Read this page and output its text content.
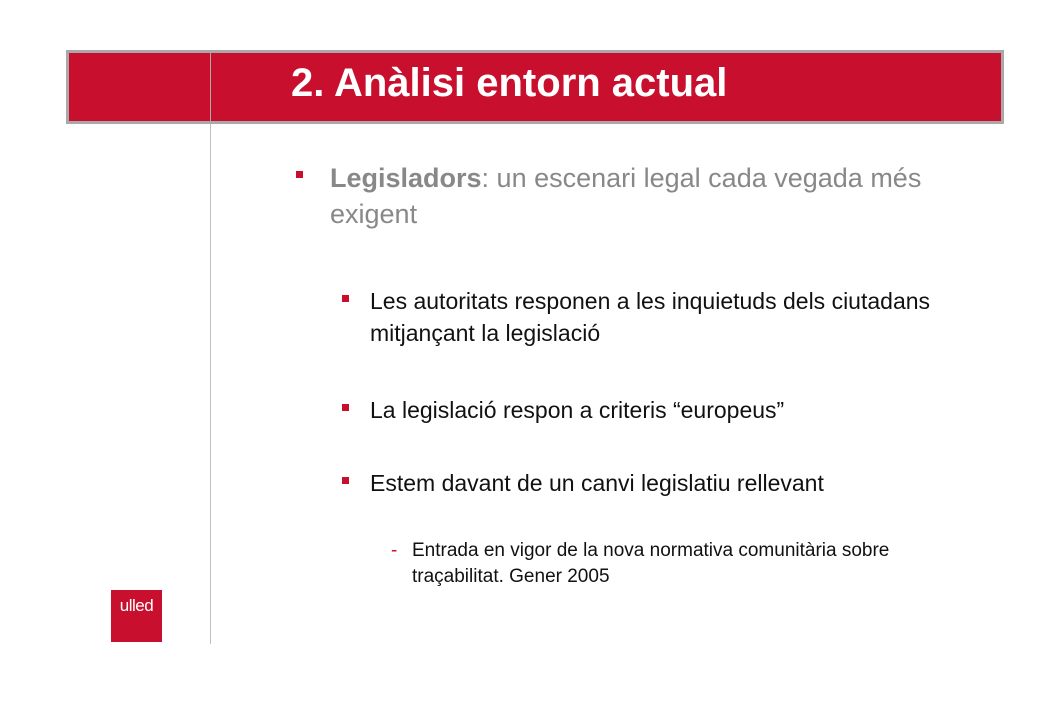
2. Anàlisi entorn actual
ulled
Legisladors: un escenari legal cada vegada més exigent
Les autoritats responen a les inquietuds dels ciutadans mitjançant la legislació
La legislació respon a criteris “europeus”
Estem davant de un canvi legislatiu rellevant
- Entrada en vigor de la nova normativa comunitària sobre traçabilitat. Gener 2005
